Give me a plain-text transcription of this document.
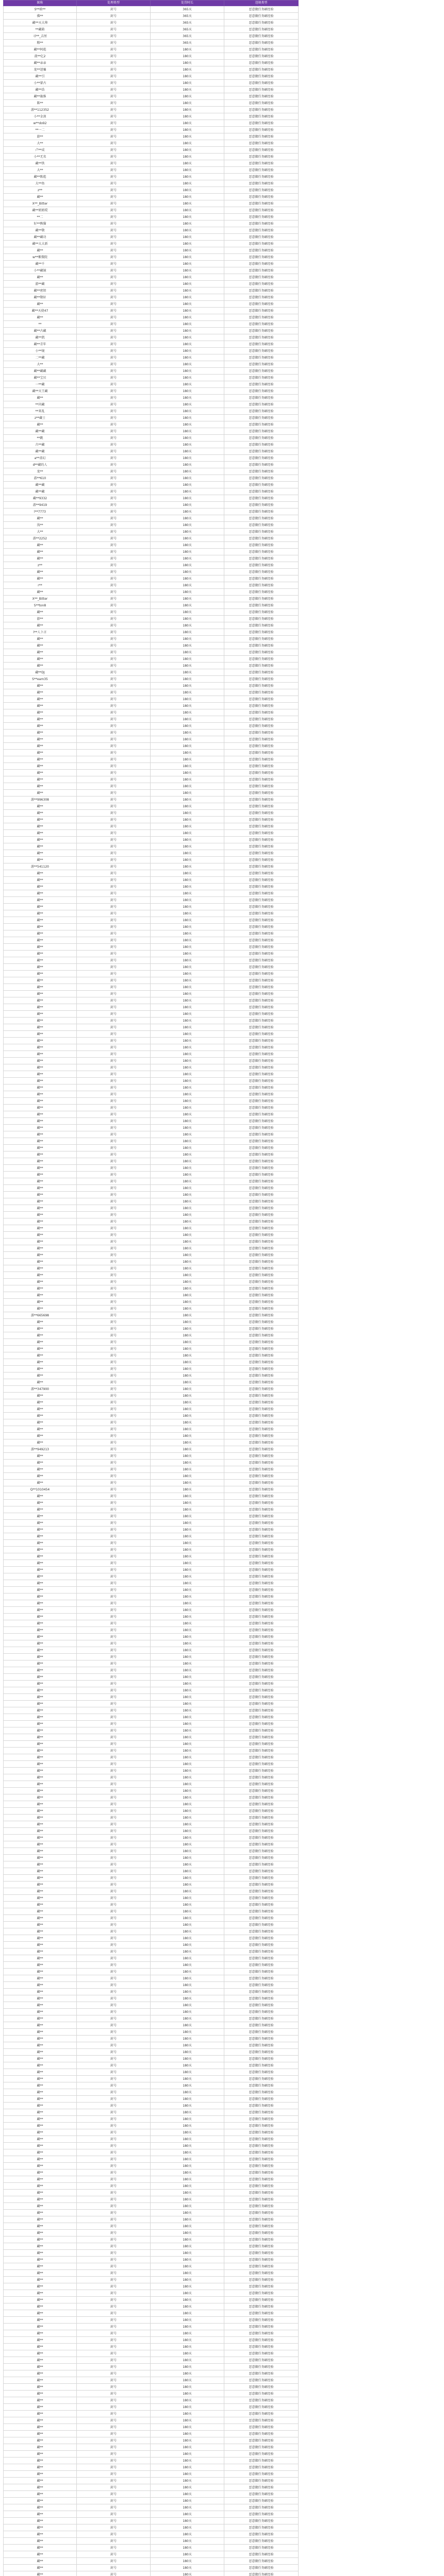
昵称	处理类型	处罚时长	违规类型
S**晗**	封号	365天	恶意做任务刷经验
佛**	封号	365天	恶意做任务刷经验
藏**天大帅	封号	365天	恶意做任务刷经验
**藏箱	封号	365天	恶意做任务刷经验
寻**_去厘	封号	365天	恶意做任务刷经验
粮**	封号	365天	恶意做任务刷经验
藏**阿彪	封号	180天	恶意做任务刷经验
菠**亿2	封号	180天	恶意做任务刷经验
藏**亲亲	封号	180天	恶意做任务刷经验
龙**迷骗	封号	180天	恶意做任务刷经验
藏**引	封号	180天	恶意做任务刷经验
小**蒙古	封号	180天	恶意做任务刷经验
藏**浩	封号	180天	恶意做任务刷经验
藏**施维	封号	180天	恶意做任务刷经验
陈**	封号	180天	恶意做任务刷经验
游**112352	封号	180天	恶意做任务刷经验
小**金剑	封号	180天	恶意做任务刷经验
w**do92	封号	180天	恶意做任务刷经验
**一二	封号	180天	恶意做任务刷经验
游**	封号	180天	恶意做任务刷经验
大**	封号	180天	恶意做任务刷经验
卢**成	封号	180天	恶意做任务刷经验
小**无名	封号	180天	恶意做任务刷经验
藏**铁	封号	180天	恶意做任务刷经验
大**	封号	180天	恶意做任务刷经验
藏**陈彪	封号	180天	恶意做任务刷经验
大**鱼	封号	180天	恶意做任务刷经验
z**	封号	180天	恶意做任务刷经验
藏**	封号	180天	恶意做任务刷经验
X**_Bitter	封号	180天	恶意做任务刷经验
藏**姐姐哎	封号	180天	恶意做任务刷经验
**二	封号	180天	恶意做任务刷经验
好**熊猫	封号	180天	恶意做任务刷经验
藏**敬	封号	180天	恶意做任务刷经验
藏**藏功	封号	180天	恶意做任务刷经验
藏**大大新	封号	180天	恶意做任务刷经验
藏**	封号	180天	恶意做任务刷经验
w**紫微院	封号	180天	恶意做任务刷经验
藏**千	封号	180天	恶意做任务刷经验
小**藏镜	封号	180天	恶意做任务刷经验
藏**	封号	180天	恶意做任务刷经验
游**藏	封号	180天	恶意做任务刷经验
藏**密钥	封号	180天	恶意做任务刷经验
藏**敬轩	封号	180天	恶意做任务刷经验
藏**	封号	180天	恶意做任务刷经验
藏**天使47	封号	180天	恶意做任务刷经验
藏**	封号	180天	恶意做任务刷经验
**	封号	180天	恶意做任务刷经验
藏**古藏	封号	180天	恶意做任务刷经验
藏**凯	封号	180天	恶意做任务刷经验
藏**青年	封号	180天	恶意做任务刷经验
小**镜	封号	180天	恶意做任务刷经验
二**藏	封号	180天	恶意做任务刷经验
大**	封号	180天	恶意做任务刷经验
藏**藏藏	封号	180天	恶意做任务刷经验
藏**宝贝	封号	180天	恶意做任务刷经验
一**藏	封号	180天	恶意做任务刷经验
藏**天王藏	封号	180天	恶意做任务刷经验
藏**	封号	180天	恶意做任务刷经验
**闪藏	封号	180天	恶意做任务刷经验
**来乱	封号	180天	恶意做任务刷经验
z**藏士	封号	180天	恶意做任务刷经验
藏**	封号	180天	恶意做任务刷经验
藏**藏	封号	180天	恶意做任务刷经验
**跳	封号	180天	恶意做任务刷经验
古**藏	封号	180天	恶意做任务刷经验
藏**藏	封号	180天	恶意做任务刷经验
a**虚幻	封号	180天	恶意做任务刷经验
d**藏的人	封号	180天	恶意做任务刷经验
龙**	封号	180天	恶意做任务刷经验
游**610	封号	180天	恶意做任务刷经验
藏**藏	封号	180天	恶意做任务刷经验
藏**藏	封号	180天	恶意做任务刷经验
藏**9332	封号	180天	恶意做任务刷经验
游**9419	封号	180天	恶意做任务刷经验
l**7773	封号	180天	恶意做任务刷经验
藏**	封号	180天	恶意做任务刷经验
浅**	封号	180天	恶意做任务刷经验
大**	封号	180天	恶意做任务刷经验
游**2252	封号	180天	恶意做任务刷经验
藏**	封号	180天	恶意做任务刷经验
藏**	封号	180天	恶意做任务刷经验
藏**	封号	180天	恶意做任务刷经验
z**	封号	180天	恶意做任务刷经验
藏**	封号	180天	恶意做任务刷经验
藏**	封号	180天	恶意做任务刷经验
r**	封号	180天	恶意做任务刷经验
藏**	封号	180天	恶意做任务刷经验
X**_Bitter	封号	180天	恶意做任务刷经验
S**ton8	封号	180天	恶意做任务刷经验
藏**	封号	180天	恶意做任务刷经验
游**	封号	180天	恶意做任务刷经验
藏**	封号	180天	恶意做任务刷经验
l**人卜言	封号	180天	恶意做任务刷经验
藏**	封号	180天	恶意做任务刷经验
藏**	封号	180天	恶意做任务刷经验
藏**	封号	180天	恶意做任务刷经验
藏**	封号	180天	恶意做任务刷经验
藏**	封号	180天	恶意做任务刷经验
藏**DJ	封号	180天	恶意做任务刷经验
S**eam35	封号	180天	恶意做任务刷经验
藏**	封号	180天	恶意做任务刷经验
藏**	封号	180天	恶意做任务刷经验
藏**	封号	180天	恶意做任务刷经验
藏**	封号	180天	恶意做任务刷经验
藏**	封号	180天	恶意做任务刷经验
藏**	封号	180天	恶意做任务刷经验
藏**	封号	180天	恶意做任务刷经验
藏**	封号	180天	恶意做任务刷经验
藏**	封号	180天	恶意做任务刷经验
藏**	封号	180天	恶意做任务刷经验
藏**	封号	180天	恶意做任务刷经验
藏**	封号	180天	恶意做任务刷经验
藏**	封号	180天	恶意做任务刷经验
藏**	封号	180天	恶意做任务刷经验
藏**	封号	180天	恶意做任务刷经验
藏**	封号	180天	恶意做任务刷经验
藏**	封号	180天	恶意做任务刷经验
游**996308	封号	180天	恶意做任务刷经验
藏**	封号	180天	恶意做任务刷经验
藏**	封号	180天	恶意做任务刷经验
藏**	封号	180天	恶意做任务刷经验
藏**	封号	180天	恶意做任务刷经验
藏**	封号	180天	恶意做任务刷经验
藏**	封号	180天	恶意做任务刷经验
藏**	封号	180天	恶意做任务刷经验
藏**	封号	180天	恶意做任务刷经验
藏**	封号	180天	恶意做任务刷经验
游**541120	封号	180天	恶意做任务刷经验
藏**	封号	180天	恶意做任务刷经验
藏**	封号	180天	恶意做任务刷经验
藏**	封号	180天	恶意做任务刷经验
藏**	封号	180天	恶意做任务刷经验
藏**	封号	180天	恶意做任务刷经验
藏**	封号	180天	恶意做任务刷经验
藏**	封号	180天	恶意做任务刷经验
藏**	封号	180天	恶意做任务刷经验
藏**	封号	180天	恶意做任务刷经验
藏**	封号	180天	恶意做任务刷经验
藏**	封号	180天	恶意做任务刷经验
藏**	封号	180天	恶意做任务刷经验
藏**	封号	180天	恶意做任务刷经验
藏**	封号	180天	恶意做任务刷经验
藏**	封号	180天	恶意做任务刷经验
藏**	封号	180天	恶意做任务刷经验
藏**	封号	180天	恶意做任务刷经验
藏**	封号	180天	恶意做任务刷经验
藏**	封号	180天	恶意做任务刷经验
藏**	封号	180天	恶意做任务刷经验
藏**	封号	180天	恶意做任务刷经验
藏**	封号	180天	恶意做任务刷经验
藏**	封号	180天	恶意做任务刷经验
藏**	封号	180天	恶意做任务刷经验
藏**	封号	180天	恶意做任务刷经验
藏**	封号	180天	恶意做任务刷经验
藏**	封号	180天	恶意做任务刷经验
藏**	封号	180天	恶意做任务刷经验
藏**	封号	180天	恶意做任务刷经验
藏**	封号	180天	恶意做任务刷经验
藏**	封号	180天	恶意做任务刷经验
藏**	封号	180天	恶意做任务刷经验
藏**	封号	180天	恶意做任务刷经验
藏**	封号	180天	恶意做任务刷经验
藏**	封号	180天	恶意做任务刷经验
藏**	封号	180天	恶意做任务刷经验
藏**	封号	180天	恶意做任务刷经验
藏**	封号	180天	恶意做任务刷经验
藏**	封号	180天	恶意做任务刷经验
藏**	封号	180天	恶意做任务刷经验
藏**	封号	180天	恶意做任务刷经验
藏**	封号	180天	恶意做任务刷经验
藏**	封号	180天	恶意做任务刷经验
藏**	封号	180天	恶意做任务刷经验
藏**	封号	180天	恶意做任务刷经验
藏**	封号	180天	恶意做任务刷经验
藏**	封号	180天	恶意做任务刷经验
藏**	封号	180天	恶意做任务刷经验
藏**	封号	180天	恶意做任务刷经验
藏**	封号	180天	恶意做任务刷经验
藏**	封号	180天	恶意做任务刷经验
藏**	封号	180天	恶意做任务刷经验
藏**	封号	180天	恶意做任务刷经验
藏**	封号	180天	恶意做任务刷经验
藏**	封号	180天	恶意做任务刷经验
藏**	封号	180天	恶意做任务刷经验
藏**	封号	180天	恶意做任务刷经验
藏**	封号	180天	恶意做任务刷经验
藏**	封号	180天	恶意做任务刷经验
藏**	封号	180天	恶意做任务刷经验
藏**	封号	180天	恶意做任务刷经验
藏**	封号	180天	恶意做任务刷经验
藏**	封号	180天	恶意做任务刷经验
藏**	封号	180天	恶意做任务刷经验
藏**	封号	180天	恶意做任务刷经验
藏**	封号	180天	恶意做任务刷经验
游**665698	封号	180天	恶意做任务刷经验
藏**	封号	180天	恶意做任务刷经验
藏**	封号	180天	恶意做任务刷经验
藏**	封号	180天	恶意做任务刷经验
藏**	封号	180天	恶意做任务刷经验
藏**	封号	180天	恶意做任务刷经验
藏**	封号	180天	恶意做任务刷经验
藏**	封号	180天	恶意做任务刷经验
藏**	封号	180天	恶意做任务刷经验
藏**	封号	180天	恶意做任务刷经验
藏**	封号	180天	恶意做任务刷经验
游**347900	封号	180天	恶意做任务刷经验
藏**	封号	180天	恶意做任务刷经验
藏**	封号	180天	恶意做任务刷经验
藏**	封号	180天	恶意做任务刷经验
藏**	封号	180天	恶意做任务刷经验
藏**	封号	180天	恶意做任务刷经验
藏**	封号	180天	恶意做任务刷经验
藏**	封号	180天	恶意做任务刷经验
藏**	封号	180天	恶意做任务刷经验
游**949213	封号	180天	恶意做任务刷经验
藏**	封号	180天	恶意做任务刷经验
藏**	封号	180天	恶意做任务刷经验
藏**	封号	180天	恶意做任务刷经验
藏**	封号	180天	恶意做任务刷经验
藏**	封号	180天	恶意做任务刷经验
Q**1010454	封号	180天	恶意做任务刷经验
藏**	封号	180天	恶意做任务刷经验
藏**	封号	180天	恶意做任务刷经验
藏**	封号	180天	恶意做任务刷经验
藏**	封号	180天	恶意做任务刷经验
藏**	封号	180天	恶意做任务刷经验
藏**	封号	180天	恶意做任务刷经验
藏**	封号	180天	恶意做任务刷经验
藏**	封号	180天	恶意做任务刷经验
藏**	封号	180天	恶意做任务刷经验
藏**	封号	180天	恶意做任务刷经验
藏**	封号	180天	恶意做任务刷经验
藏**	封号	180天	恶意做任务刷经验
藏**	封号	180天	恶意做任务刷经验
藏**	封号	180天	恶意做任务刷经验
藏**	封号	180天	恶意做任务刷经验
藏**	封号	180天	恶意做任务刷经验
藏**	封号	180天	恶意做任务刷经验
藏**	封号	180天	恶意做任务刷经验
藏**	封号	180天	恶意做任务刷经验
藏**	封号	180天	恶意做任务刷经验
藏**	封号	180天	恶意做任务刷经验
藏**	封号	180天	恶意做任务刷经验
藏**	封号	180天	恶意做任务刷经验
藏**	封号	180天	恶意做任务刷经验
藏**	封号	180天	恶意做任务刷经验
藏**	封号	180天	恶意做任务刷经验
藏**	封号	180天	恶意做任务刷经验
藏**	封号	180天	恶意做任务刷经验
藏**	封号	180天	恶意做任务刷经验
藏**	封号	180天	恶意做任务刷经验
藏**	封号	180天	恶意做任务刷经验
藏**	封号	180天	恶意做任务刷经验
藏**	封号	180天	恶意做任务刷经验
藏**	封号	180天	恶意做任务刷经验
藏**	封号	180天	恶意做任务刷经验
藏**	封号	180天	恶意做任务刷经验
藏**	封号	180天	恶意做任务刷经验
藏**	封号	180天	恶意做任务刷经验
藏**	封号	180天	恶意做任务刷经验
藏**	封号	180天	恶意做任务刷经验
藏**	封号	180天	恶意做任务刷经验
藏**	封号	180天	恶意做任务刷经验
藏**	封号	180天	恶意做任务刷经验
藏**	封号	180天	恶意做任务刷经验
藏**	封号	180天	恶意做任务刷经验
藏**	封号	180天	恶意做任务刷经验
藏**	封号	180天	恶意做任务刷经验
藏**	封号	180天	恶意做任务刷经验
藏**	封号	180天	恶意做任务刷经验
藏**	封号	180天	恶意做任务刷经验
藏**	封号	180天	恶意做任务刷经验
藏**	封号	180天	恶意做任务刷经验
藏**	封号	180天	恶意做任务刷经验
藏**	封号	180天	恶意做任务刷经验
藏**	封号	180天	恶意做任务刷经验
藏**	封号	180天	恶意做任务刷经验
藏**	封号	180天	恶意做任务刷经验
藏**	封号	180天	恶意做任务刷经验
藏**	封号	180天	恶意做任务刷经验
藏**	封号	180天	恶意做任务刷经验
藏**	封号	180天	恶意做任务刷经验
藏**	封号	180天	恶意做任务刷经验
藏**	封号	180天	恶意做任务刷经验
藏**	封号	180天	恶意做任务刷经验
藏**	封号	180天	恶意做任务刷经验
藏**	封号	180天	恶意做任务刷经验
藏**	封号	180天	恶意做任务刷经验
藏**	封号	180天	恶意做任务刷经验
藏**	封号	180天	恶意做任务刷经验
藏**	封号	180天	恶意做任务刷经验
藏**	封号	180天	恶意做任务刷经验
藏**	封号	180天	恶意做任务刷经验
藏**	封号	180天	恶意做任务刷经验
藏**	封号	180天	恶意做任务刷经验
藏**	封号	180天	恶意做任务刷经验
藏**	封号	180天	恶意做任务刷经验
藏**	封号	180天	恶意做任务刷经验
藏**	封号	180天	恶意做任务刷经验
藏**	封号	180天	恶意做任务刷经验
藏**	封号	180天	恶意做任务刷经验
藏**	封号	180天	恶意做任务刷经验
藏**	封号	180天	恶意做任务刷经验
藏**	封号	180天	恶意做任务刷经验
藏**	封号	180天	恶意做任务刷经验
藏**	封号	180天	恶意做任务刷经验
藏**	封号	180天	恶意做任务刷经验
藏**	封号	180天	恶意做任务刷经验
藏**	封号	180天	恶意做任务刷经验
藏**	封号	180天	恶意做任务刷经验
藏**	封号	180天	恶意做任务刷经验
藏**	封号	180天	恶意做任务刷经验
藏**	封号	180天	恶意做任务刷经验
藏**	封号	180天	恶意做任务刷经验
藏**	封号	180天	恶意做任务刷经验
藏**	封号	180天	恶意做任务刷经验
藏**	封号	180天	恶意做任务刷经验
藏**	封号	180天	恶意做任务刷经验
藏**	封号	180天	恶意做任务刷经验
藏**	封号	180天	恶意做任务刷经验
藏**	封号	180天	恶意做任务刷经验
藏**	封号	180天	恶意做任务刷经验
藏**	封号	180天	恶意做任务刷经验
藏**	封号	180天	恶意做任务刷经验
藏**	封号	180天	恶意做任务刷经验
藏**	封号	180天	恶意做任务刷经验
藏**	封号	180天	恶意做任务刷经验
藏**	封号	180天	恶意做任务刷经验
藏**	封号	180天	恶意做任务刷经验
藏**	封号	180天	恶意做任务刷经验
藏**	封号	180天	恶意做任务刷经验
藏**	封号	180天	恶意做任务刷经验
藏**	封号	180天	恶意做任务刷经验
藏**	封号	180天	恶意做任务刷经验
藏**	封号	180天	恶意做任务刷经验
藏**	封号	180天	恶意做任务刷经验
藏**	封号	180天	恶意做任务刷经验
藏**	封号	180天	恶意做任务刷经验
藏**	封号	180天	恶意做任务刷经验
藏**	封号	180天	恶意做任务刷经验
藏**	封号	180天	恶意做任务刷经验
藏**	封号	180天	恶意做任务刷经验
藏**	封号	180天	恶意做任务刷经验
藏**	封号	180天	恶意做任务刷经验
藏**	封号	180天	恶意做任务刷经验
藏**	封号	180天	恶意做任务刷经验
藏**	封号	180天	恶意做任务刷经验
藏**	封号	180天	恶意做任务刷经验
藏**	封号	180天	恶意做任务刷经验
藏**	封号	180天	恶意做任务刷经验
藏**	封号	180天	恶意做任务刷经验
藏**	封号	180天	恶意做任务刷经验
藏**	封号	180天	恶意做任务刷经验
藏**	封号	180天	恶意做任务刷经验
藏**	封号	180天	恶意做任务刷经验
藏**	封号	180天	恶意做任务刷经验
藏**	封号	180天	恶意做任务刷经验
藏**	封号	180天	恶意做任务刷经验
藏**	封号	180天	恶意做任务刷经验
藏**	封号	180天	恶意做任务刷经验
藏**	封号	180天	恶意做任务刷经验
藏**	封号	180天	恶意做任务刷经验
藏**	封号	180天	恶意做任务刷经验
藏**	封号	180天	恶意做任务刷经验
藏**	封号	180天	恶意做任务刷经验
藏**	封号	180天	恶意做任务刷经验
藏**	封号	180天	恶意做任务刷经验
藏**	封号	180天	恶意做任务刷经验
藏**	封号	180天	恶意做任务刷经验
藏**	封号	180天	恶意做任务刷经验
藏**	封号	180天	恶意做任务刷经验
藏**	封号	180天	恶意做任务刷经验
藏**	封号	180天	恶意做任务刷经验
藏**	封号	180天	恶意做任务刷经验
藏**	封号	180天	恶意做任务刷经验
藏**	封号	180天	恶意做任务刷经验
藏**	封号	180天	恶意做任务刷经验
藏**	封号	180天	恶意做任务刷经验
藏**	封号	180天	恶意做任务刷经验
藏**	封号	180天	恶意做任务刷经验
藏**	封号	180天	恶意做任务刷经验
藏**	封号	180天	恶意做任务刷经验
藏**	封号	180天	恶意做任务刷经验
